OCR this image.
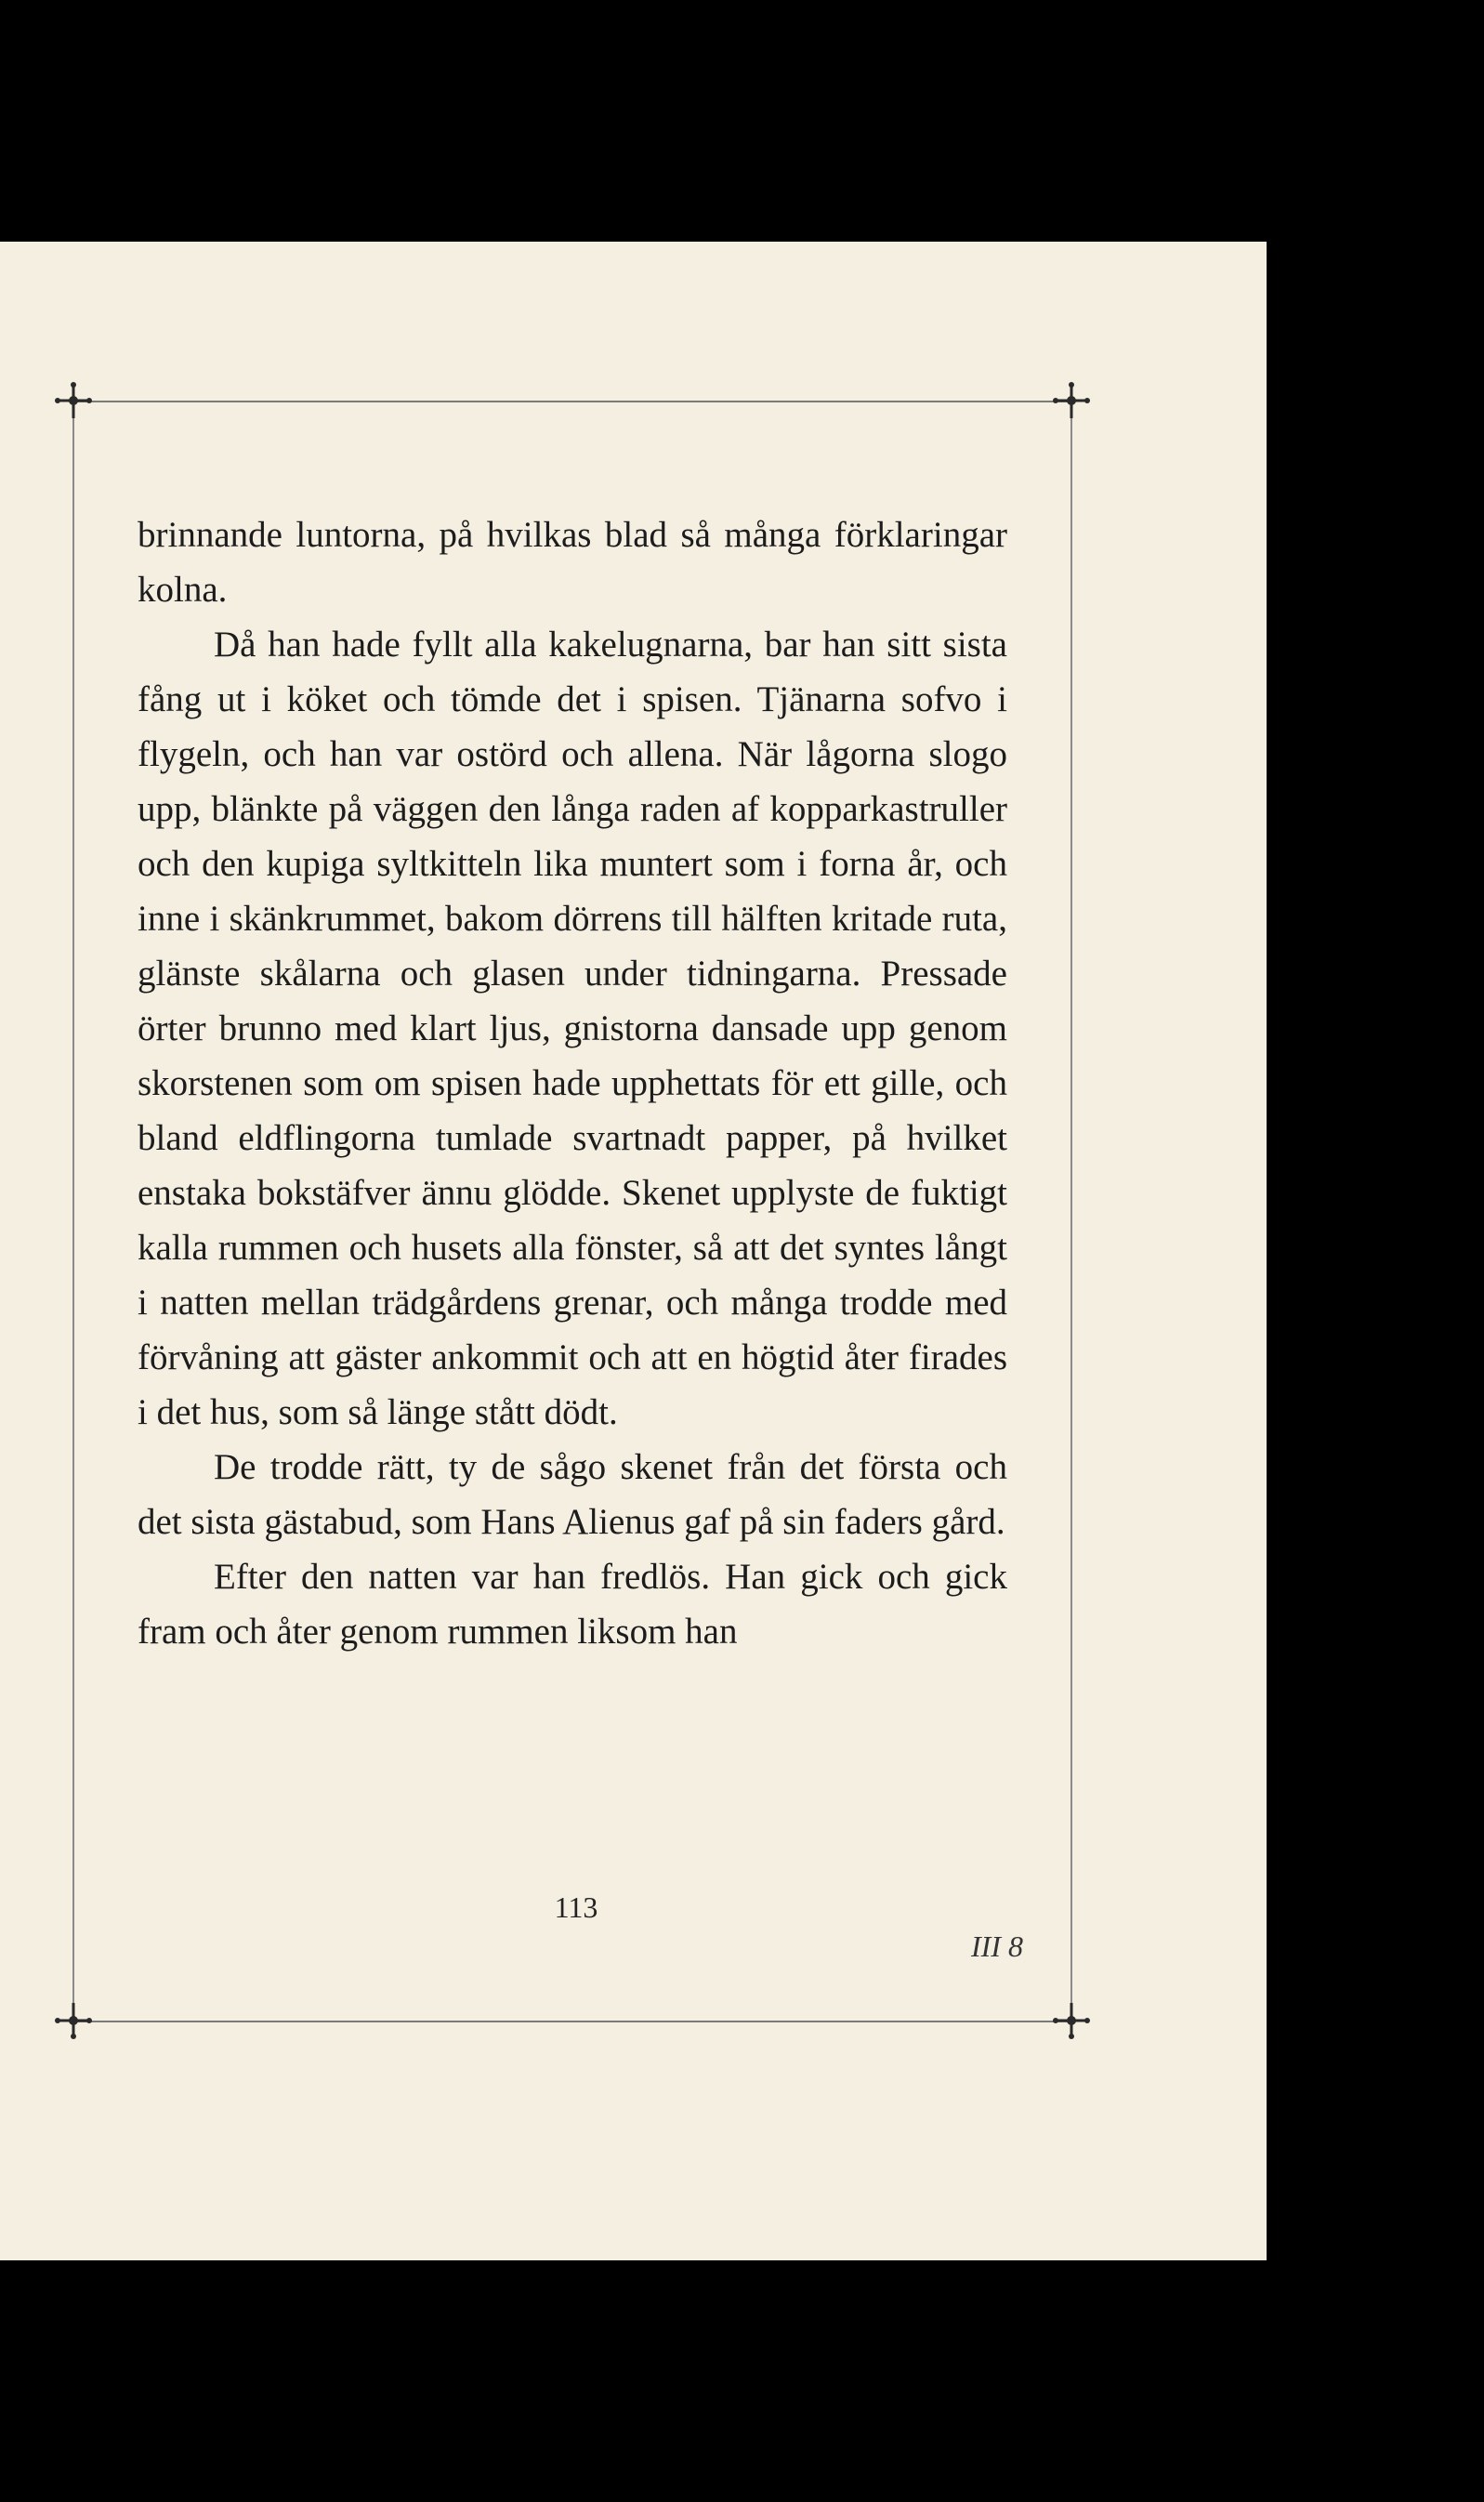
brinnande luntorna, på hvilkas blad så många förklaringar kolna.

Då han hade fyllt alla kakelugnarna, bar han sitt sista fång ut i köket och tömde det i spisen. Tjänarna sofvo i flygeln, och han var ostörd och allena. När lågorna slogo upp, blänkte på väggen den långa raden af kopparkastruller och den kupiga syltkitteln lika muntert som i forna år, och inne i skänkrummet, bakom dörrens till hälften kritade ruta, glänste skålarna och glasen under tidningarna. Pressade örter brunno med klart ljus, gnistorna dansade upp genom skorstenen som om spisen hade upphettats för ett gille, och bland eldflingorna tumlade svartnadt papper, på hvilket enstaka bokstäfver ännu glödde. Skenet upplyste de fuktigt kalla rummen och husets alla fönster, så att det syntes långt i natten mellan trädgårdens grenar, och många trodde med förvåning att gäster ankommit och att en högtid åter firades i det hus, som så länge stått dödt.

De trodde rätt, ty de sågo skenet från det första och det sista gästabud, som Hans Alienus gaf på sin faders gård.

Efter den natten var han fredlös. Han gick och gick fram och åter genom rummen liksom han

113
III 8
